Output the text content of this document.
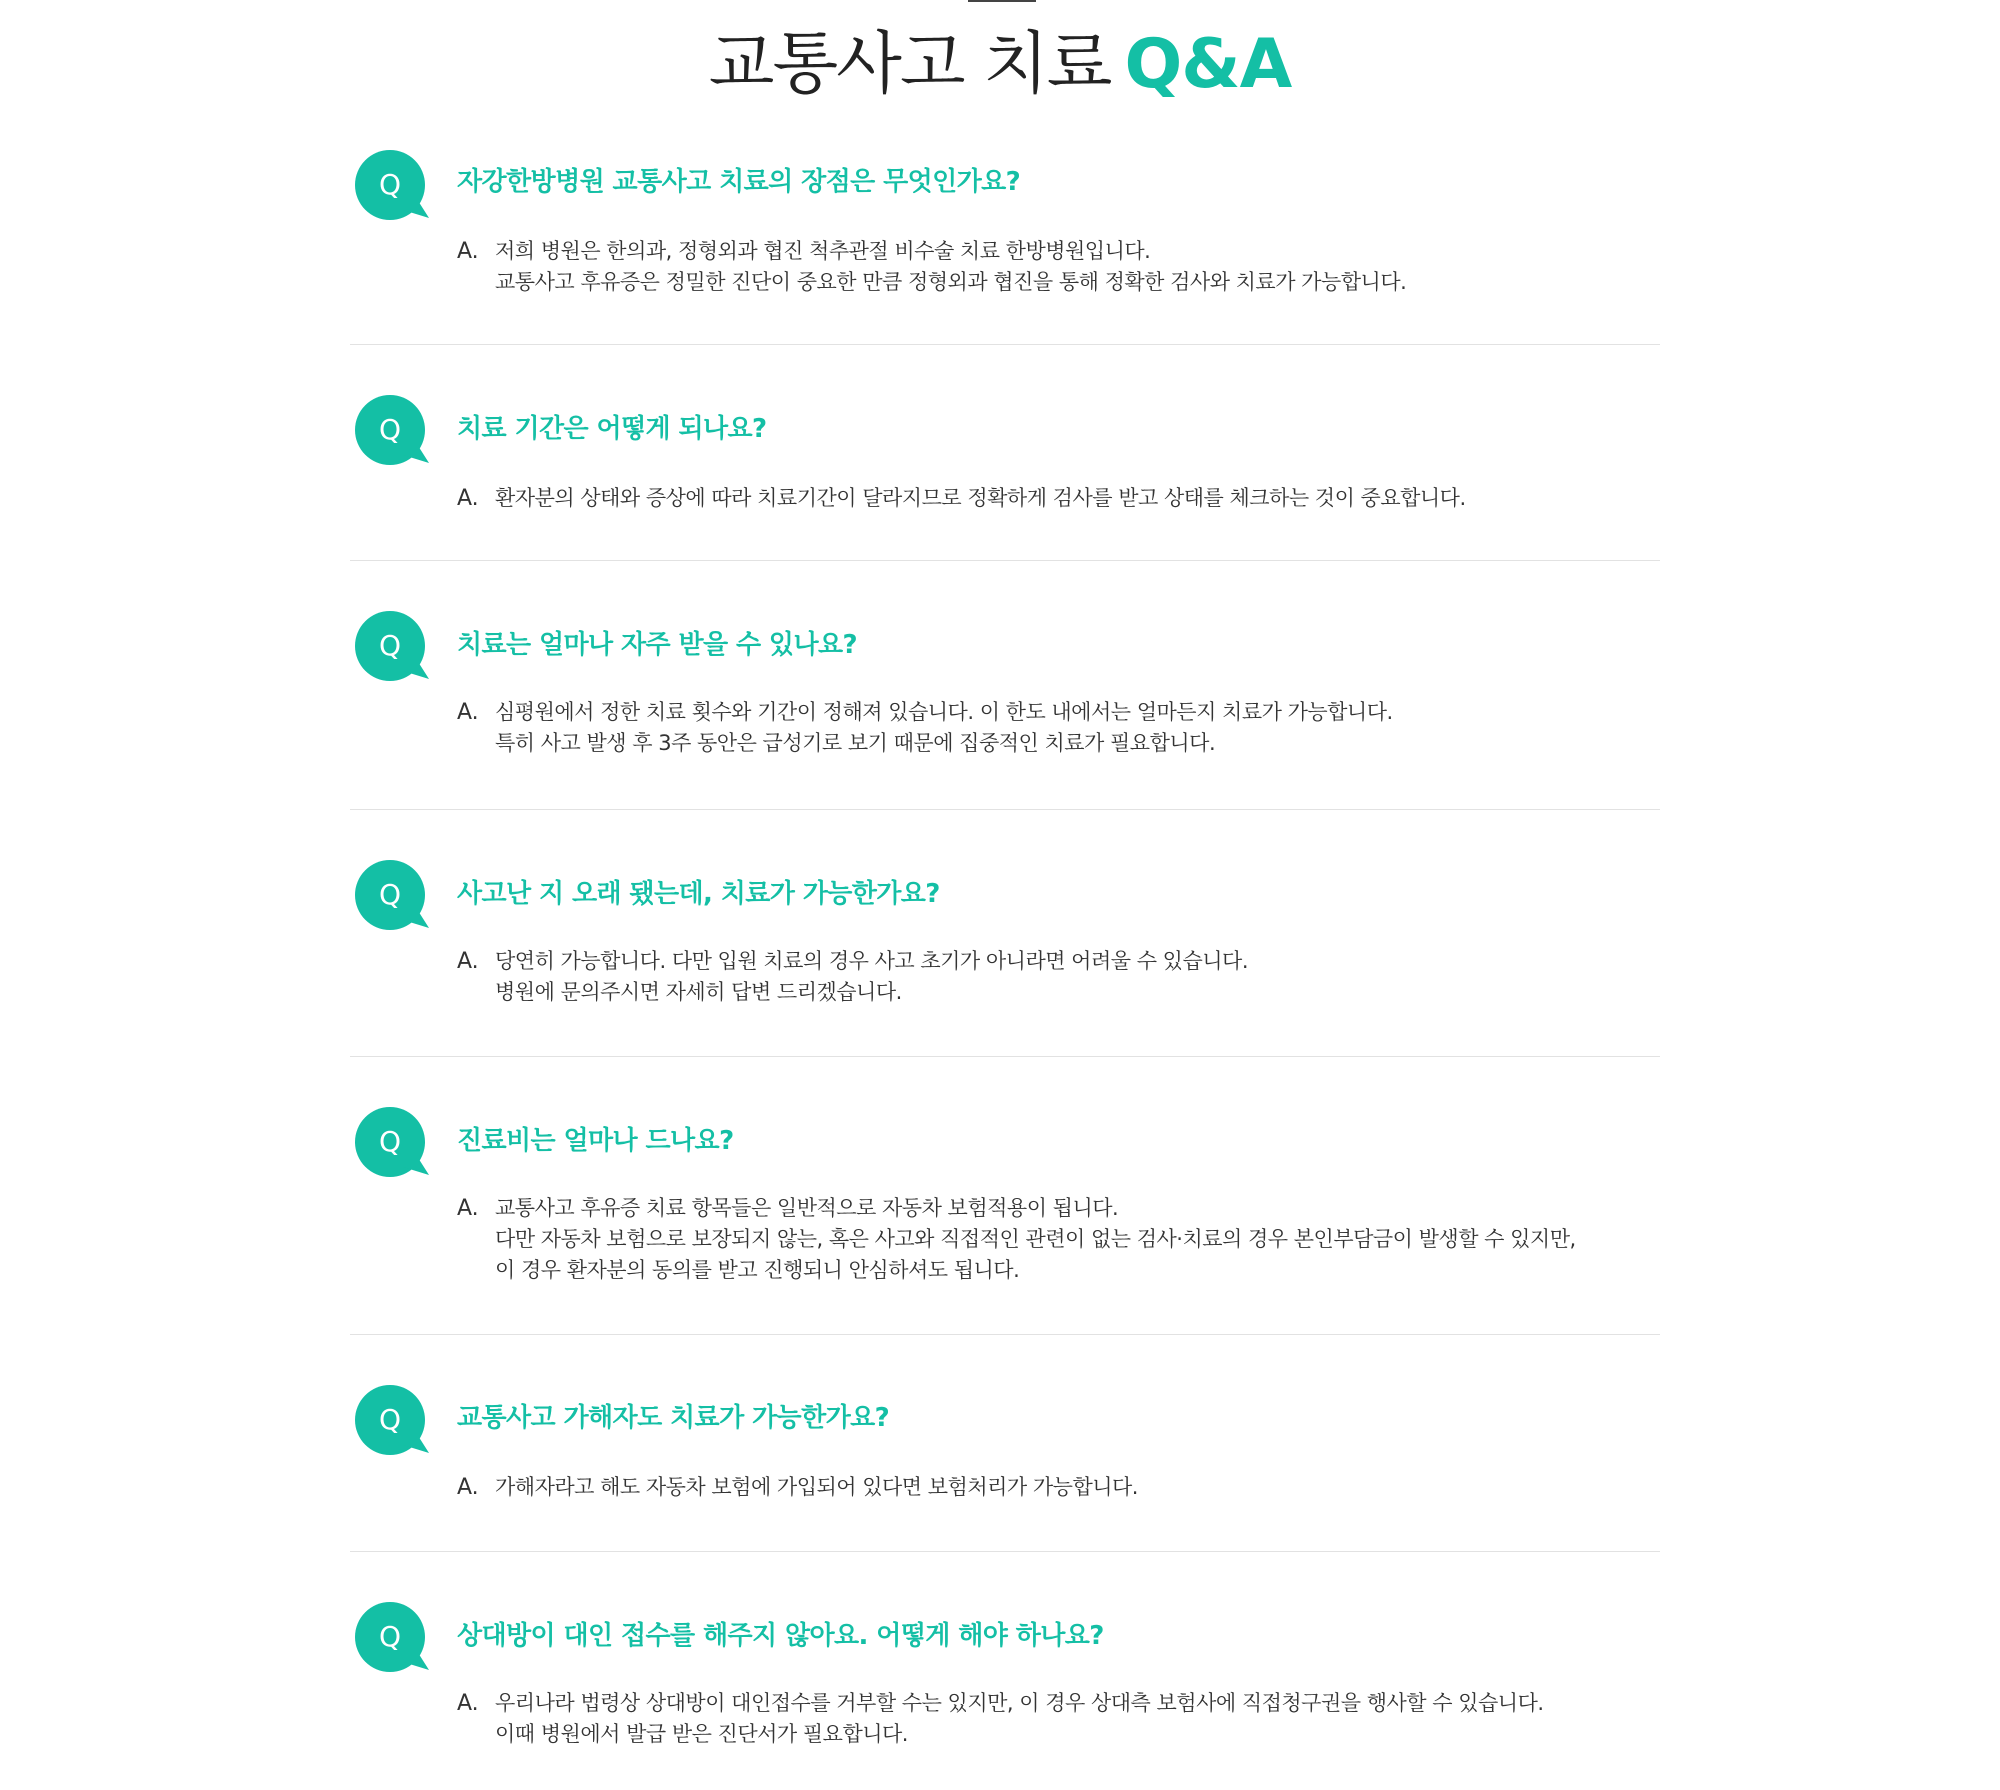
교통사고 치료 Q&A
Q	자강한방병원 교통사고 치료의 장점은 무엇인가요?
A. 저희 병원은 한의과, 정형외과 협진 척추관절 비수술 치료 한방병원입니다.
교통사고 후유증은 정밀한 진단이 중요한 만큼 정형외과 협진을 통해 정확한 검사와 치료가 가능합니다.
Q	치료 기간은 어떻게 되나요?
A. 환자분의 상태와 증상에 따라 치료기간이 달라지므로 정확하게 검사를 받고 상태를 체크하는 것이 중요합니다.
Q	치료는 얼마나 자주 받을 수 있나요?
A. 심평원에서 정한 치료 횟수와 기간이 정해져 있습니다. 이 한도 내에서는 얼마든지 치료가 가능합니다.
특히 사고 발생 후 3주 동안은 급성기로 보기 때문에 집중적인 치료가 필요합니다.
Q	사고난 지 오래 됐는데, 치료가 가능한가요?
A. 당연히 가능합니다. 다만 입원 치료의 경우 사고 초기가 아니라면 어려울 수 있습니다.
병원에 문의주시면 자세히 답변 드리겠습니다.
Q	진료비는 얼마나 드나요?
A. 교통사고 후유증 치료 항목들은 일반적으로 자동차 보험적용이 됩니다.
다만 자동차 보험으로 보장되지 않는, 혹은 사고와 직접적인 관련이 없는 검사·치료의 경우 본인부담금이 발생할 수 있지만,
이 경우 환자분의 동의를 받고 진행되니 안심하셔도 됩니다.
Q	교통사고 가해자도 치료가 가능한가요?
A. 가해자라고 해도 자동차 보험에 가입되어 있다면 보험처리가 가능합니다.
Q	상대방이 대인 접수를 해주지 않아요. 어떻게 해야 하나요?
A. 우리나라 법령상 상대방이 대인접수를 거부할 수는 있지만, 이 경우 상대측 보험사에 직접청구권을 행사할 수 있습니다.
이때 병원에서 발급 받은 진단서가 필요합니다.
